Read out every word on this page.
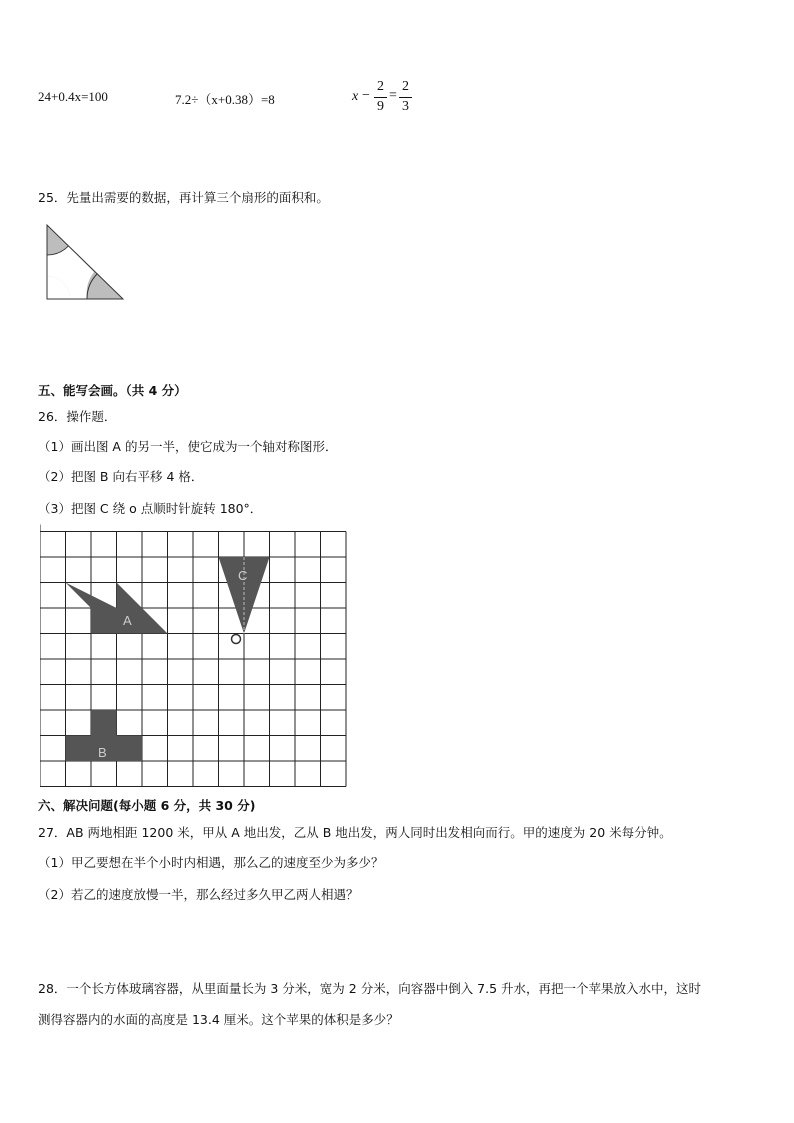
24+0.4x=100	7.2÷（x+0.38）=8	x −
2
9
=
2
3
25．先量出需要的数据，再计算三个扇形的面积和。
五、能写会画。（共 4 分）
26．操作题．
（1）画出图 A 的另一半，使它成为一个轴对称图形．
（2）把图 B 向右平移 4 格．
（3）把图 C 绕 o 点顺时针旋转 180°．
A
C
B
六、解决问题(每小题 6 分，共 30 分)
27．AB 两地相距 1200 米，甲从 A 地出发，乙从 B 地出发，两人同时出发相向而行。甲的速度为 20 米每分钟。
（1）甲乙要想在半个小时内相遇，那么乙的速度至少为多少？
（2）若乙的速度放慢一半，那么经过多久甲乙两人相遇？
28．一个长方体玻璃容器，从里面量长为 3 分米，宽为 2 分米，向容器中倒入 7.5 升水，再把一个苹果放入水中，这时
测得容器内的水面的高度是 13.4 厘米。这个苹果的体积是多少？
